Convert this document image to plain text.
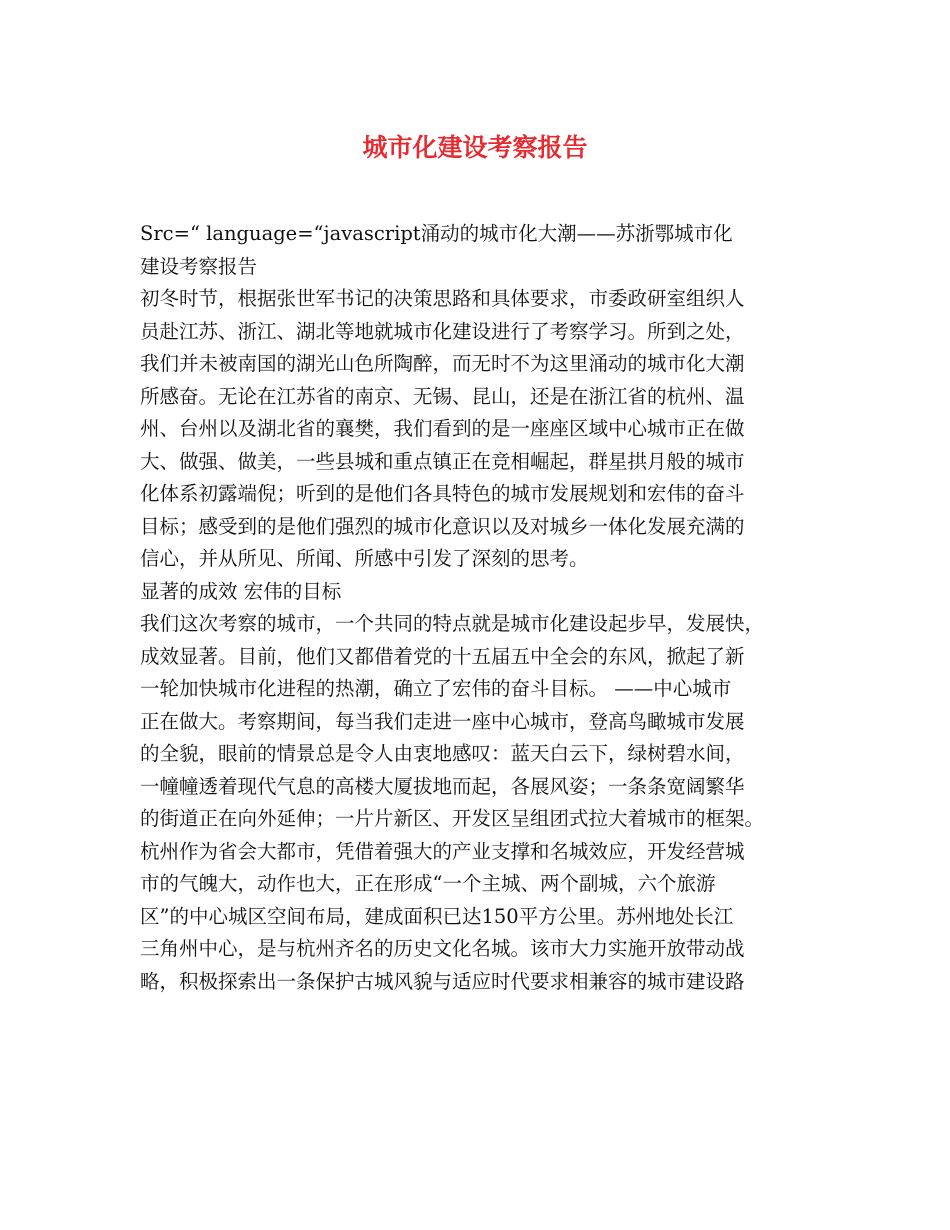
城市化建设考察报告
Src=“ language=“javascript涌动的城市化大潮——苏浙鄂城市化
建设考察报告
初冬时节，根据张世军书记的决策思路和具体要求，市委政研室组织人
员赴江苏、浙江、湖北等地就城市化建设进行了考察学习。所到之处，
我们并未被南国的湖光山色所陶醉，而无时不为这里涌动的城市化大潮
所感奋。无论在江苏省的南京、无锡、昆山，还是在浙江省的杭州、温
州、台州以及湖北省的襄樊，我们看到的是一座座区域中心城市正在做
大、做强、做美，一些县城和重点镇正在竞相崛起，群星拱月般的城市
化体系初露端倪；听到的是他们各具特色的城市发展规划和宏伟的奋斗
目标；感受到的是他们强烈的城市化意识以及对城乡一体化发展充满的
信心，并从所见、所闻、所感中引发了深刻的思考。
显著的成效 宏伟的目标
我们这次考察的城市，一个共同的特点就是城市化建设起步早，发展快，
成效显著。目前，他们又都借着党的十五届五中全会的东风，掀起了新
一轮加快城市化进程的热潮，确立了宏伟的奋斗目标。 ——中心城市
正在做大。考察期间，每当我们走进一座中心城市，登高鸟瞰城市发展
的全貌，眼前的情景总是令人由衷地感叹：蓝天白云下，绿树碧水间，
一幢幢透着现代气息的高楼大厦拔地而起，各展风姿；一条条宽阔繁华
的街道正在向外延伸；一片片新区、开发区呈组团式拉大着城市的框架。
杭州作为省会大都市，凭借着强大的产业支撑和名城效应，开发经营城
市的气魄大，动作也大，正在形成“一个主城、两个副城，六个旅游
区”的中心城区空间布局，建成面积已达150平方公里。苏州地处长江
三角州中心，是与杭州齐名的历史文化名城。该市大力实施开放带动战
略，积极探索出一条保护古城风貌与适应时代要求相兼容的城市建设路
